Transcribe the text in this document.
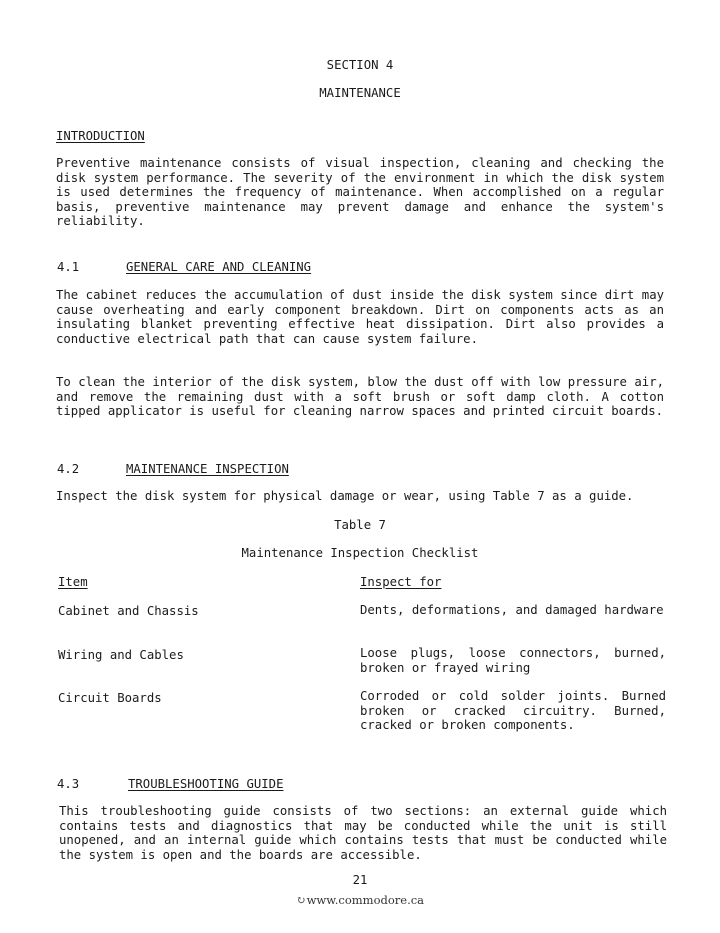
SECTION 4
MAINTENANCE
INTRODUCTION

Preventive maintenance consists of visual inspection, cleaning and checking the disk system performance. The severity of the environment in which the disk system is used determines the frequency of maintenance. When accomplished on a regular basis, preventive maintenance may prevent damage and enhance the system's reliability.

4.1	GENERAL CARE AND CLEANING

The cabinet reduces the accumulation of dust inside the disk system since dirt may cause overheating and early component breakdown. Dirt on components acts as an insulating blanket preventing effective heat dissipation. Dirt also provides a conductive electrical path that can cause system failure.

To clean the interior of the disk system, blow the dust off with low pressure air, and remove the remaining dust with a soft brush or soft damp cloth. A cotton tipped applicator is useful for cleaning narrow spaces and printed circuit boards.

4.2	MAINTENANCE INSPECTION

Inspect the disk system for physical damage or wear, using Table 7 as a guide.

Table 7
Maintenance Inspection Checklist
Item	Inspect for
Cabinet and Chassis	Dents, deformations, and damaged hardware
Wiring and Cables	Loose plugs, loose connectors, burned, broken or frayed wiring
Circuit Boards	Corroded or cold solder joints. Burned broken or cracked circuitry. Burned, cracked or broken components.
4.3	TROUBLESHOOTING GUIDE

This troubleshooting guide consists of two sections: an external guide which contains tests and diagnostics that may be conducted while the unit is still unopened, and an internal guide which contains tests that must be conducted while the system is open and the boards are accessible.

21
↻www.commodore.ca
